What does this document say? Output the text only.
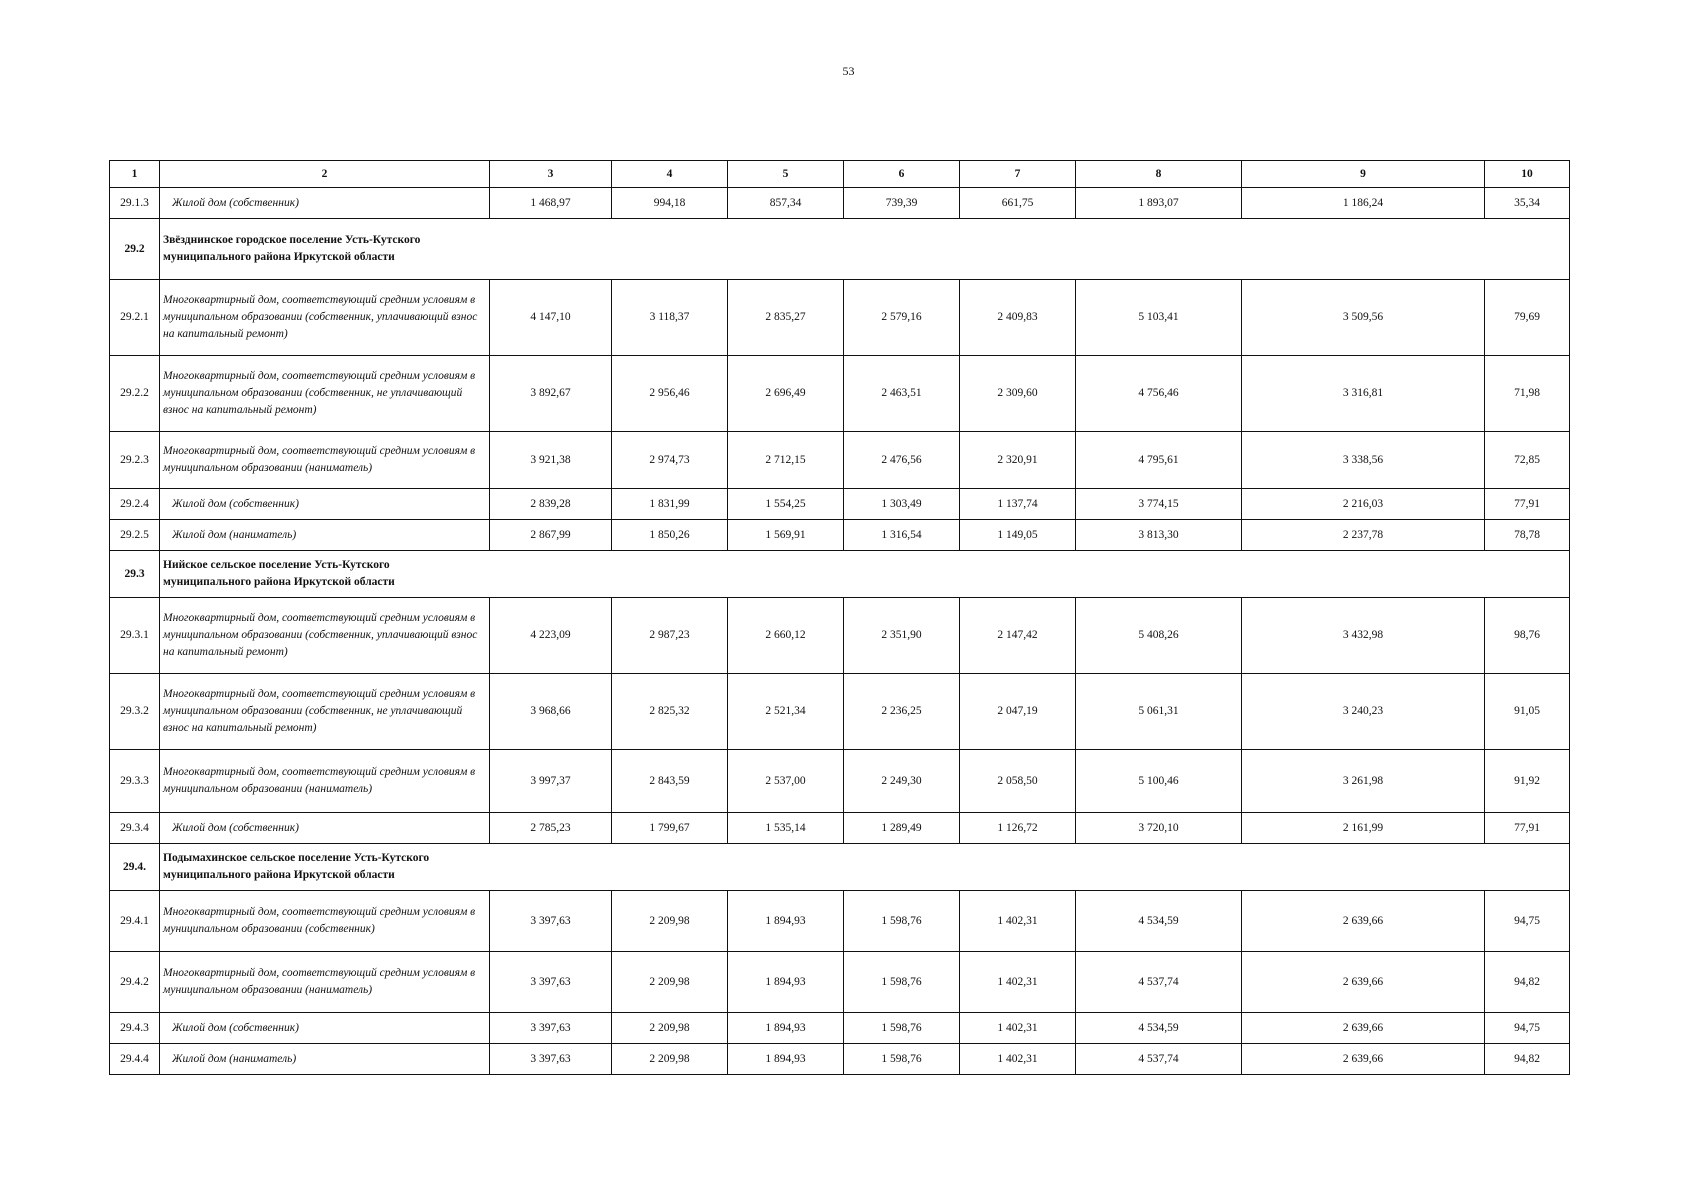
53
1	2	3	4	5	6	7	8	9	10
29.1.3	Жилой дом (собственник)	1 468,97	994,18	857,34	739,39	661,75	1 893,07	1 186,24	35,34
29.2	Звёзднинское городское поселение Усть-Кутского муниципального района Иркутской области								
29.2.1	Многоквартирный дом, соответствующий средним условиям в муниципальном образовании (собственник, уплачивающий взнос на капитальный ремонт)	4 147,10	3 118,37	2 835,27	2 579,16	2 409,83	5 103,41	3 509,56	79,69
29.2.2	Многоквартирный дом, соответствующий средним условиям в муниципальном образовании (собственник, не уплачивающий взнос на капитальный ремонт)	3 892,67	2 956,46	2 696,49	2 463,51	2 309,60	4 756,46	3 316,81	71,98
29.2.3	Многоквартирный дом, соответствующий средним условиям в муниципальном образовании (наниматель)	3 921,38	2 974,73	2 712,15	2 476,56	2 320,91	4 795,61	3 338,56	72,85
29.2.4	Жилой дом (собственник)	2 839,28	1 831,99	1 554,25	1 303,49	1 137,74	3 774,15	2 216,03	77,91
29.2.5	Жилой дом (наниматель)	2 867,99	1 850,26	1 569,91	1 316,54	1 149,05	3 813,30	2 237,78	78,78
29.3	Нийское сельское поселение Усть-Кутского муниципального района Иркутской области								
29.3.1	Многоквартирный дом, соответствующий средним условиям в муниципальном образовании (собственник, уплачивающий взнос на капитальный ремонт)	4 223,09	2 987,23	2 660,12	2 351,90	2 147,42	5 408,26	3 432,98	98,76
29.3.2	Многоквартирный дом, соответствующий средним условиям в муниципальном образовании (собственник, не уплачивающий взнос на капитальный ремонт)	3 968,66	2 825,32	2 521,34	2 236,25	2 047,19	5 061,31	3 240,23	91,05
29.3.3	Многоквартирный дом, соответствующий средним условиям в муниципальном образовании (наниматель)	3 997,37	2 843,59	2 537,00	2 249,30	2 058,50	5 100,46	3 261,98	91,92
29.3.4	Жилой дом (собственник)	2 785,23	1 799,67	1 535,14	1 289,49	1 126,72	3 720,10	2 161,99	77,91
29.4.	Подымахинское сельское поселение Усть-Кутского муниципального района Иркутской области								
29.4.1	Многоквартирный дом, соответствующий средним условиям в муниципальном образовании (собственник)	3 397,63	2 209,98	1 894,93	1 598,76	1 402,31	4 534,59	2 639,66	94,75
29.4.2	Многоквартирный дом, соответствующий средним условиям в муниципальном образовании (наниматель)	3 397,63	2 209,98	1 894,93	1 598,76	1 402,31	4 537,74	2 639,66	94,82
29.4.3	Жилой дом (собственник)	3 397,63	2 209,98	1 894,93	1 598,76	1 402,31	4 534,59	2 639,66	94,75
29.4.4	Жилой дом (наниматель)	3 397,63	2 209,98	1 894,93	1 598,76	1 402,31	4 537,74	2 639,66	94,82
